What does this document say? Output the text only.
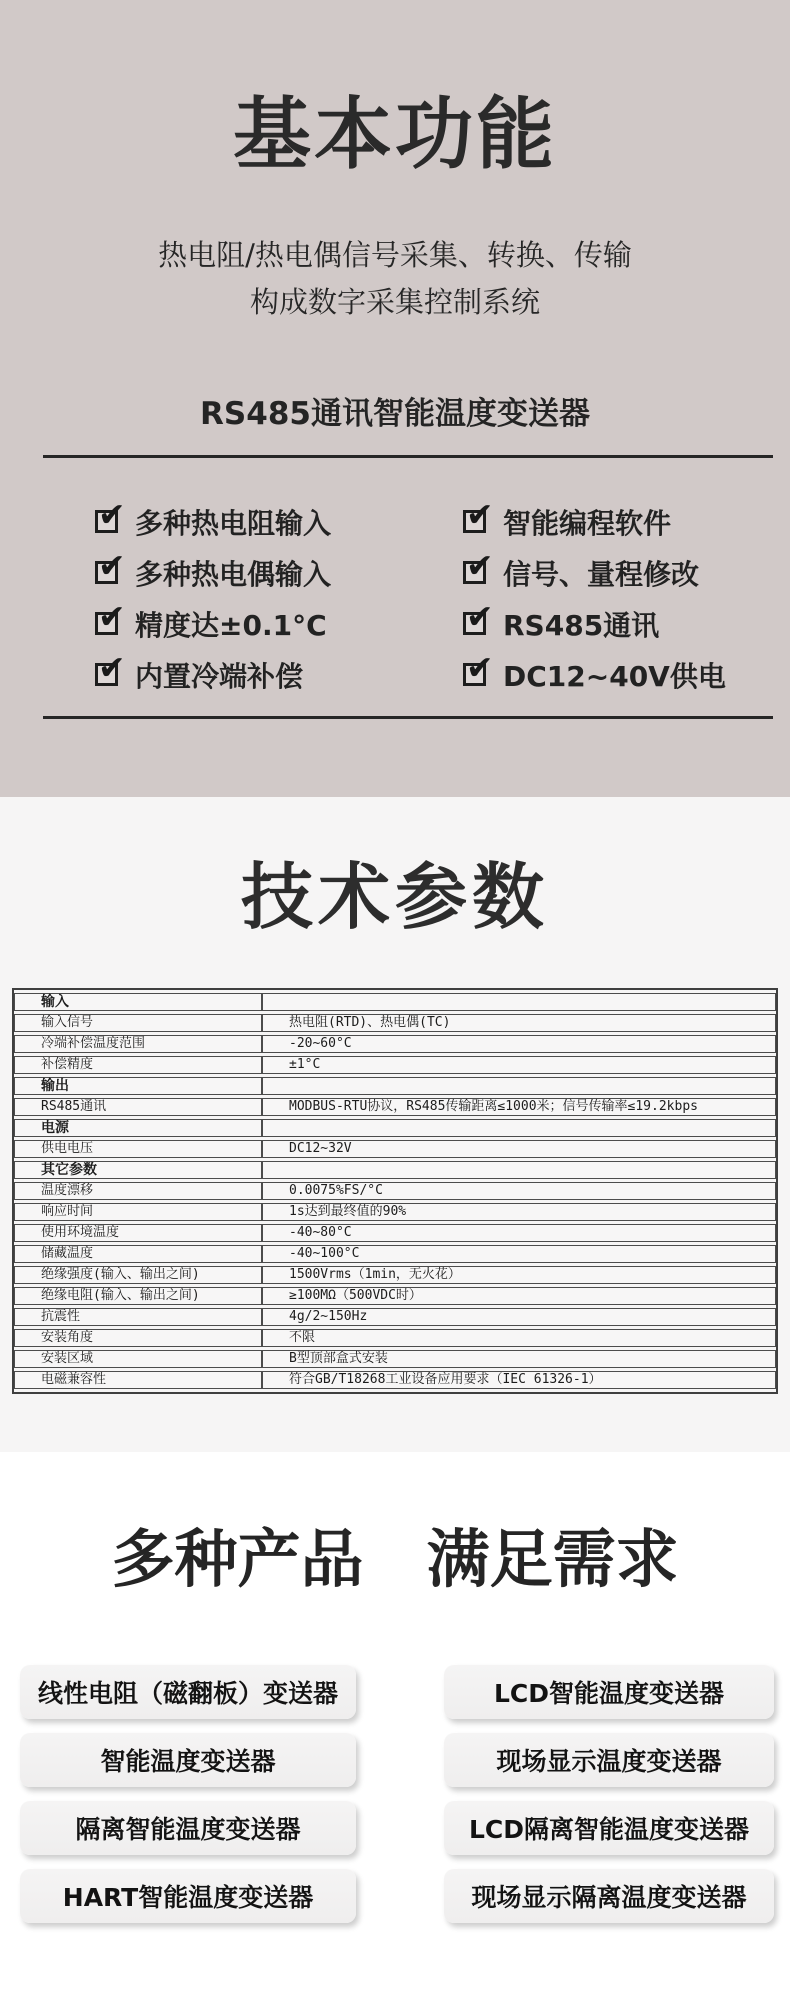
基本功能
热电阻/热电偶信号采集、转换、传输
构成数字采集控制系统
RS485通讯智能温度变送器
✔ 多种热电阻输入
✔ 多种热电偶输入
✔ 精度达±0.1°C
✔ 内置冷端补偿
✔ 智能编程软件
✔ 信号、量程修改
✔ RS485通讯
✔ DC12~40V供电
技术参数
输入	
输入信号	热电阻(RTD)、热电偶(TC)
冷端补偿温度范围	-20~60°C
补偿精度	±1°C
输出	
RS485通讯	MODBUS-RTU协议，RS485传输距离≤1000米；信号传输率≤19.2kbps
电源	
供电电压	DC12~32V
其它参数	
温度漂移	0.0075%FS/°C
响应时间	1s达到最终值的90%
使用环境温度	-40~80°C
储藏温度	-40~100°C
绝缘强度(输入、输出之间)	1500Vrms（1min，无火花）
绝缘电阻(输入、输出之间)	≥100MΩ（500VDC时）
抗震性	4g/2~150Hz
安装角度	不限
安装区域	B型顶部盒式安装
电磁兼容性	符合GB/T18268工业设备应用要求（IEC 61326-1）
多种产品　满足需求
线性电阻（磁翻板）变送器
智能温度变送器
隔离智能温度变送器
HART智能温度变送器
LCD智能温度变送器
现场显示温度变送器
LCD隔离智能温度变送器
现场显示隔离温度变送器
